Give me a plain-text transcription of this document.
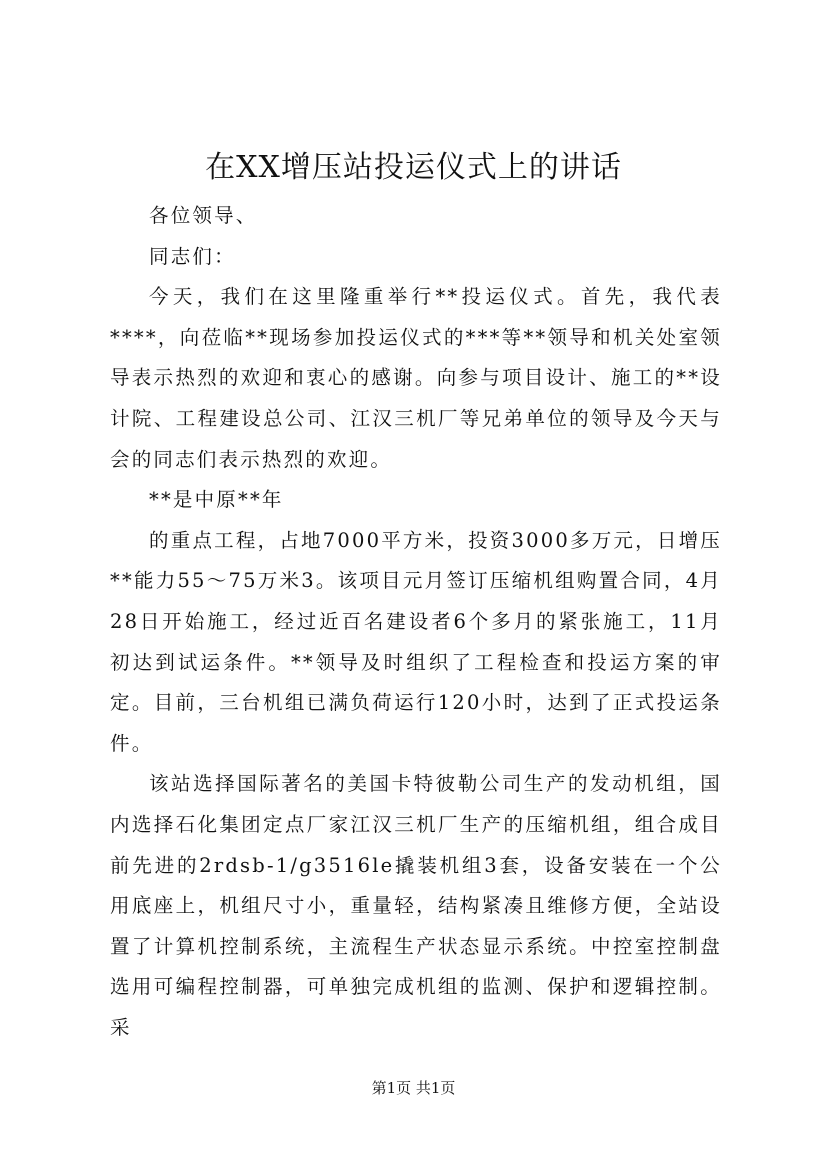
在XX增压站投运仪式上的讲话

各位领导、

同志们：

今天，我们在这里隆重举行**投运仪式。首先，我代表****，向莅临**现场参加投运仪式的***等**领导和机关处室领导表示热烈的欢迎和衷心的感谢。向参与项目设计、施工的**设计院、工程建设总公司、江汉三机厂等兄弟单位的领导及今天与会的同志们表示热烈的欢迎。

**是中原**年

的重点工程，占地7000平方米，投资3000多万元，日增压**能力55～75万米3。该项目元月签订压缩机组购置合同，4月28日开始施工，经过近百名建设者6个多月的紧张施工，11月初达到试运条件。**领导及时组织了工程检查和投运方案的审定。目前，三台机组已满负荷运行120小时，达到了正式投运条件。

该站选择国际著名的美国卡特彼勒公司生产的发动机组，国内选择石化集团定点厂家江汉三机厂生产的压缩机组，组合成目前先进的2rdsb-1/g3516le撬装机组3套，设备安装在一个公用底座上，机组尺寸小，重量轻，结构紧凑且维修方便，全站设置了计算机控制系统，主流程生产状态显示系统。中控室控制盘选用可编程控制器，可单独完成机组的监测、保护和逻辑控制。采

第1页 共1页
